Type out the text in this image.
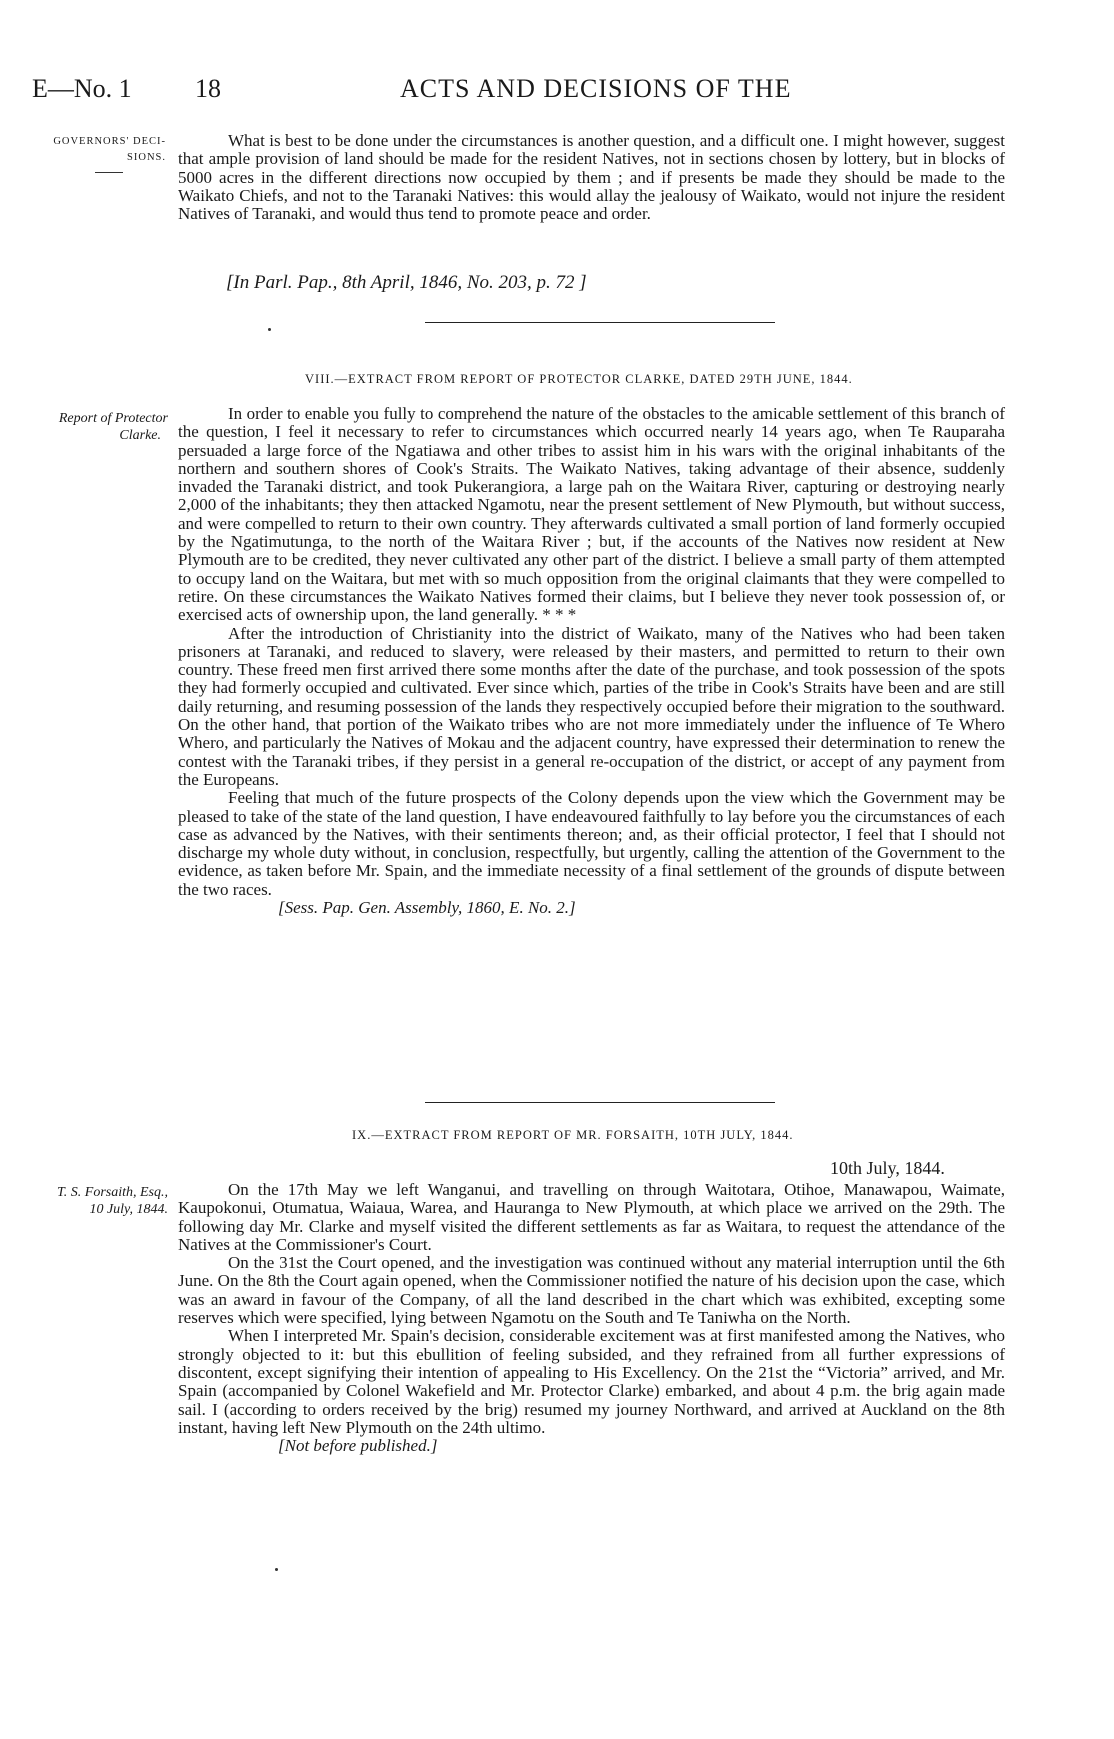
E—No. 1 18	ACTS AND DECISIONS OF THE
GOVERNORS' DECI-SIONS.

What is best to be done under the circumstances is another question, and a difficult one. I might however, suggest that ample provision of land should be made for the resident Natives, not in sections chosen by lottery, but in blocks of 5000 acres in the different directions now occupied by them ; and if presents be made they should be made to the Waikato Chiefs, and not to the Taranaki Natives: this would allay the jealousy of Waikato, would not injure the resident Natives of Taranaki, and would thus tend to promote peace and order.

[In Parl. Pap., 8th April, 1846, No. 203, p. 72 ]
VIII.—EXTRACT FROM REPORT OF PROTECTOR CLARKE, DATED 29TH JUNE, 1844.
Report of Protector
Clarke.

In order to enable you fully to comprehend the nature of the obstacles to the amicable settlement of this branch of the question, I feel it necessary to refer to circumstances which occurred nearly 14 years ago, when Te Rauparaha persuaded a large force of the Ngatiawa and other tribes to assist him in his wars with the original inhabitants of the northern and southern shores of Cook's Straits. The Waikato Natives, taking advantage of their absence, suddenly invaded the Taranaki district, and took Pukerangiora, a large pah on the Waitara River, capturing or destroying nearly 2,000 of the inhabitants; they then attacked Ngamotu, near the present settlement of New Plymouth, but without success, and were compelled to return to their own country. They afterwards cultivated a small portion of land formerly occupied by the Ngatimutunga, to the north of the Waitara River ; but, if the accounts of the Natives now resident at New Plymouth are to be credited, they never cultivated any other part of the district. I believe a small party of them attempted to occupy land on the Waitara, but met with so much opposition from the original claimants that they were compelled to retire. On these circumstances the Waikato Natives formed their claims, but I believe they never took possession of, or exercised acts of ownership upon, the land generally. * * *

After the introduction of Christianity into the district of Waikato, many of the Natives who had been taken prisoners at Taranaki, and reduced to slavery, were released by their masters, and permitted to return to their own country. These freed men first arrived there some months after the date of the purchase, and took possession of the spots they had formerly occupied and cultivated. Ever since which, parties of the tribe in Cook's Straits have been and are still daily returning, and resuming possession of the lands they respectively occupied before their migration to the southward. On the other hand, that portion of the Waikato tribes who are not more immediately under the influence of Te Whero Whero, and particularly the Natives of Mokau and the adjacent country, have expressed their determination to renew the contest with the Taranaki tribes, if they persist in a general re-occupation of the district, or accept of any payment from the Europeans.

Feeling that much of the future prospects of the Colony depends upon the view which the Government may be pleased to take of the state of the land question, I have endeavoured faithfully to lay before you the circumstances of each case as advanced by the Natives, with their sentiments thereon; and, as their official protector, I feel that I should not discharge my whole duty without, in conclusion, respectfully, but urgently, calling the attention of the Government to the evidence, as taken before Mr. Spain, and the immediate necessity of a final settlement of the grounds of dispute between the two races.

[Sess. Pap. Gen. Assembly, 1860, E. No. 2.]

IX.—EXTRACT FROM REPORT OF MR. FORSAITH, 10TH JULY, 1844.
10th July, 1844.
T. S. Forsaith, Esq.,
10 July, 1844.

On the 17th May we left Wanganui, and travelling on through Waitotara, Otihoe, Manawapou, Waimate, Kaupokonui, Otumatua, Waiaua, Warea, and Hauranga to New Plymouth, at which place we arrived on the 29th. The following day Mr. Clarke and myself visited the different settlements as far as Waitara, to request the attendance of the Natives at the Commissioner's Court.

On the 31st the Court opened, and the investigation was continued without any material interruption until the 6th June. On the 8th the Court again opened, when the Commissioner notified the nature of his decision upon the case, which was an award in favour of the Company, of all the land described in the chart which was exhibited, excepting some reserves which were specified, lying between Ngamotu on the South and Te Taniwha on the North.

When I interpreted Mr. Spain's decision, considerable excitement was at first manifested among the Natives, who strongly objected to it: but this ebullition of feeling subsided, and they refrained from all further expressions of discontent, except signifying their intention of appealing to His Excellency. On the 21st the “Victoria” arrived, and Mr. Spain (accompanied by Colonel Wakefield and Mr. Protector Clarke) embarked, and about 4 p.m. the brig again made sail. I (according to orders received by the brig) resumed my journey Northward, and arrived at Auckland on the 8th instant, having left New Plymouth on the 24th ultimo.

[Not before published.]
